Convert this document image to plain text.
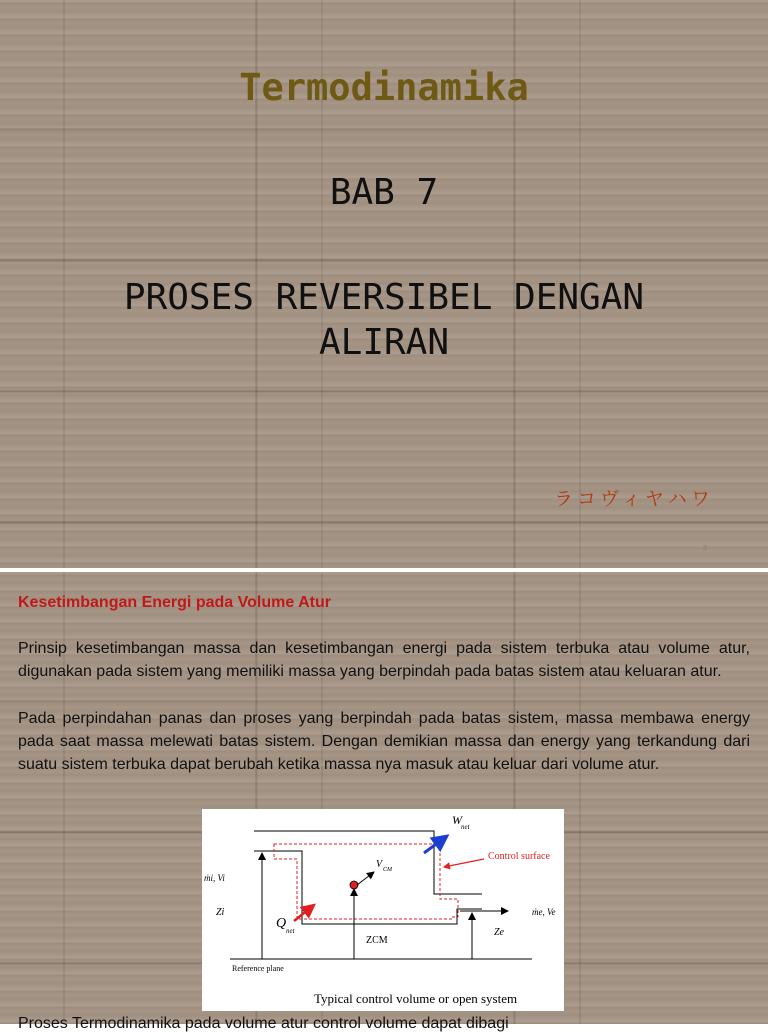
Termodinamika
BAB 7
PROSES REVERSIBEL DENGAN
ALIRAN
ラコヴィヤハワ
3
Kesetimbangan Energi pada Volume Atur
Prinsip kesetimbangan massa dan kesetimbangan energi pada sistem terbuka atau volume atur, digunakan pada sistem yang memiliki massa yang berpindah pada batas sistem atau keluaran atur.
Pada perpindahan panas dan proses yang berpindah pada batas sistem, massa membawa energy pada saat massa melewati batas sistem. Dengan demikian massa dan energy yang terkandung dari suatu sistem terbuka dapat berubah ketika massa nya masuk atau keluar dari volume atur.
W net
Control surface
V CM
ṁi, Vi
ṁe, Ve
Zi
Ze
Q net
ZCM
Reference plane
Typical control volume or open system
Proses Termodinamika pada volume atur control volume dapat dibagi
